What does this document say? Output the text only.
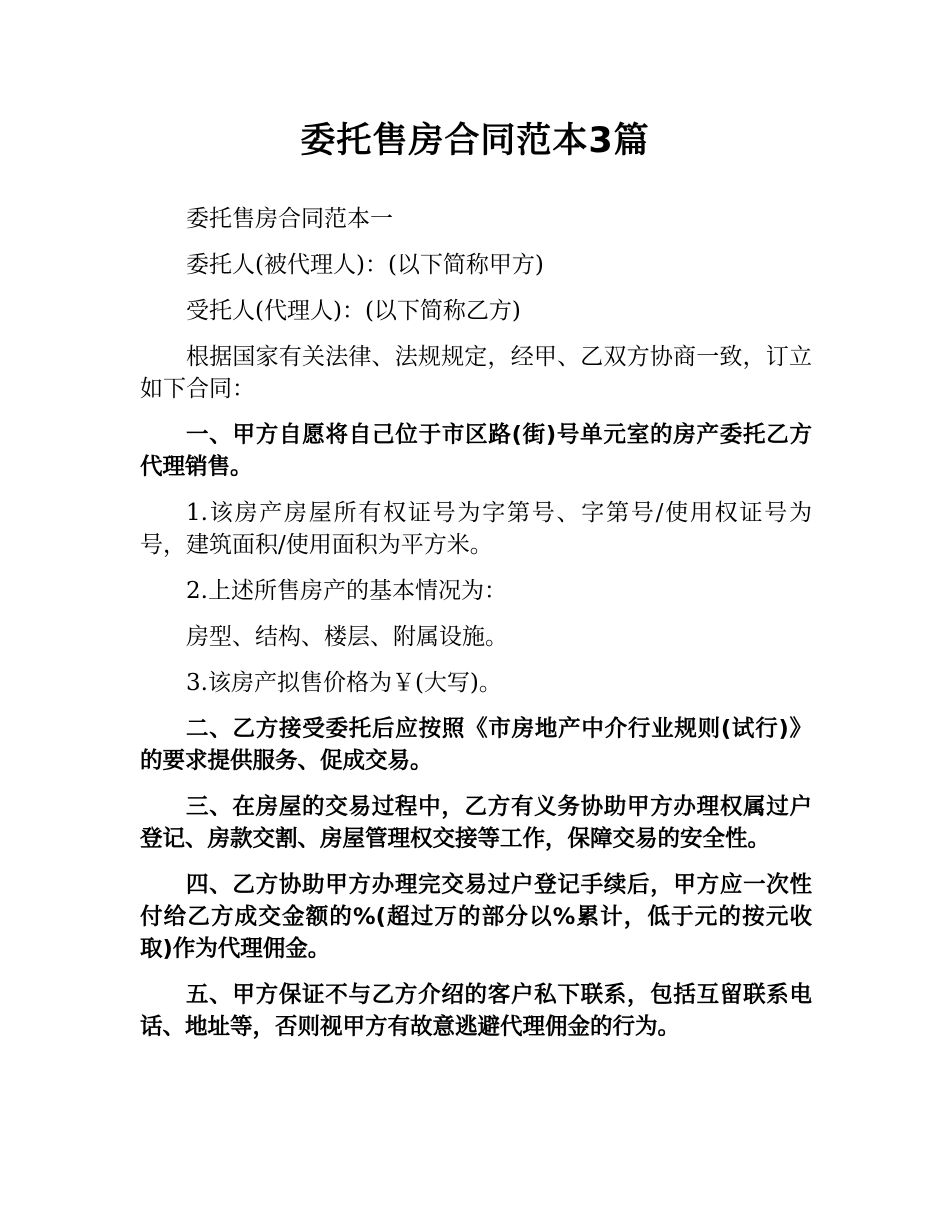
委托售房合同范本3篇

委托售房合同范本一

委托人(被代理人)：(以下简称甲方)

受托人(代理人)：(以下简称乙方)

根据国家有关法律、法规规定，经甲、乙双方协商一致，订立如下合同：

一、甲方自愿将自己位于市区路(街)号单元室的房产委托乙方代理销售。

1.该房产房屋所有权证号为字第号、字第号/使用权证号为号，建筑面积/使用面积为平方米。

2.上述所售房产的基本情况为：

房型、结构、楼层、附属设施。

3.该房产拟售价格为￥(大写)。

二、乙方接受委托后应按照《市房地产中介行业规则(试行)》的要求提供服务、促成交易。

三、在房屋的交易过程中，乙方有义务协助甲方办理权属过户登记、房款交割、房屋管理权交接等工作，保障交易的安全性。

四、乙方协助甲方办理完交易过户登记手续后，甲方应一次性付给乙方成交金额的%(超过万的部分以%累计，低于元的按元收取)作为代理佣金。

五、甲方保证不与乙方介绍的客户私下联系，包括互留联系电话、地址等，否则视甲方有故意逃避代理佣金的行为。
